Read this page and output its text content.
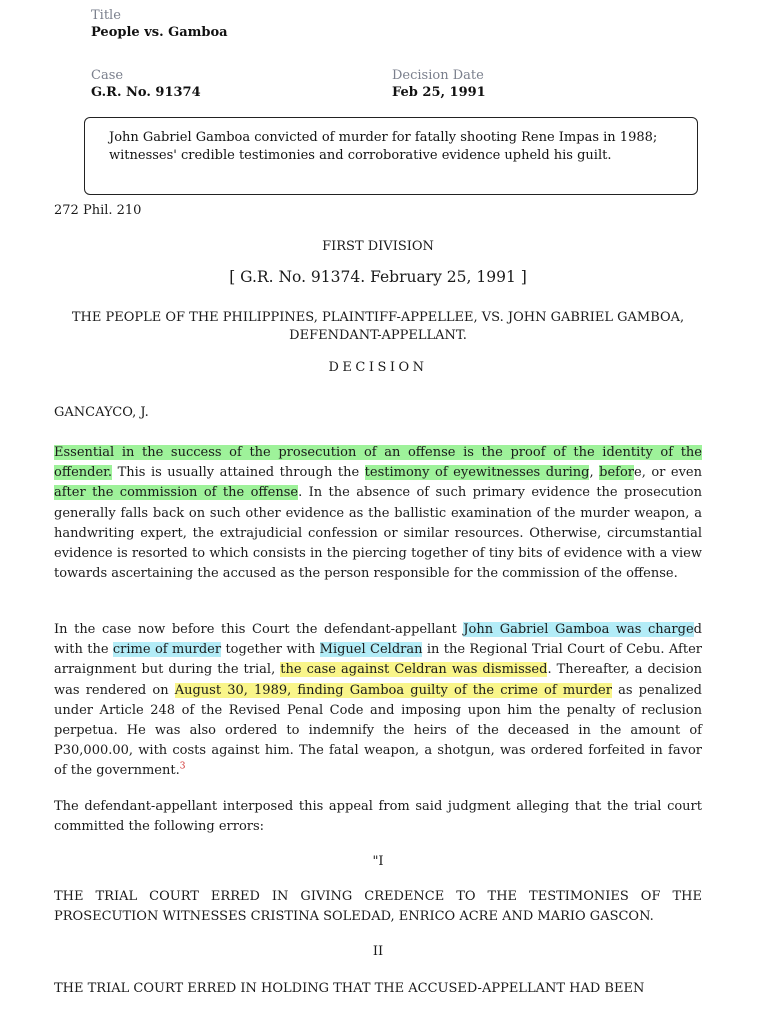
Title
People vs. Gamboa
Case
G.R. No. 91374
Decision Date
Feb 25, 1991
John Gabriel Gamboa convicted of murder for fatally shooting Rene Impas in 1988; witnesses' credible testimonies and corroborative evidence upheld his guilt.
272 Phil. 210
FIRST DIVISION
[ G.R. No. 91374. February 25, 1991 ]
THE PEOPLE OF THE PHILIPPINES, PLAINTIFF-APPELLEE, VS. JOHN GABRIEL GAMBOA, DEFENDANT-APPELLANT.
DECISION
GANCAYCO, J.
Essential in the success of the prosecution of an offense is the proof of the identity of the offender. This is usually attained through the testimony of eyewitnesses during, before, or even after the commission of the offense. In the absence of such primary evidence the prosecution generally falls back on such other evidence as the ballistic examination of the murder weapon, a handwriting expert, the extrajudicial confession or similar resources. Otherwise, circumstantial evidence is resorted to which consists in the piercing together of tiny bits of evidence with a view towards ascertaining the accused as the person responsible for the commission of the offense.
In the case now before this Court the defendant-appellant John Gabriel Gamboa was charged with the crime of murder together with Miguel Celdran in the Regional Trial Court of Cebu. After arraignment but during the trial, the case against Celdran was dismissed. Thereafter, a decision was rendered on August 30, 1989, finding Gamboa guilty of the crime of murder as penalized under Article 248 of the Revised Penal Code and imposing upon him the penalty of reclusion perpetua. He was also ordered to indemnify the heirs of the deceased in the amount of P30,000.00, with costs against him. The fatal weapon, a shotgun, was ordered forfeited in favor of the government.$^3$
The defendant-appellant interposed this appeal from said judgment alleging that the trial court committed the following errors:
"I
THE TRIAL COURT ERRED IN GIVING CREDENCE TO THE TESTIMONIES OF THE PROSECUTION WITNESSES CRISTINA SOLEDAD, ENRICO ACRE AND MARIO GASCON.
II
THE TRIAL COURT ERRED IN HOLDING THAT THE ACCUSED-APPELLANT HAD BEEN
